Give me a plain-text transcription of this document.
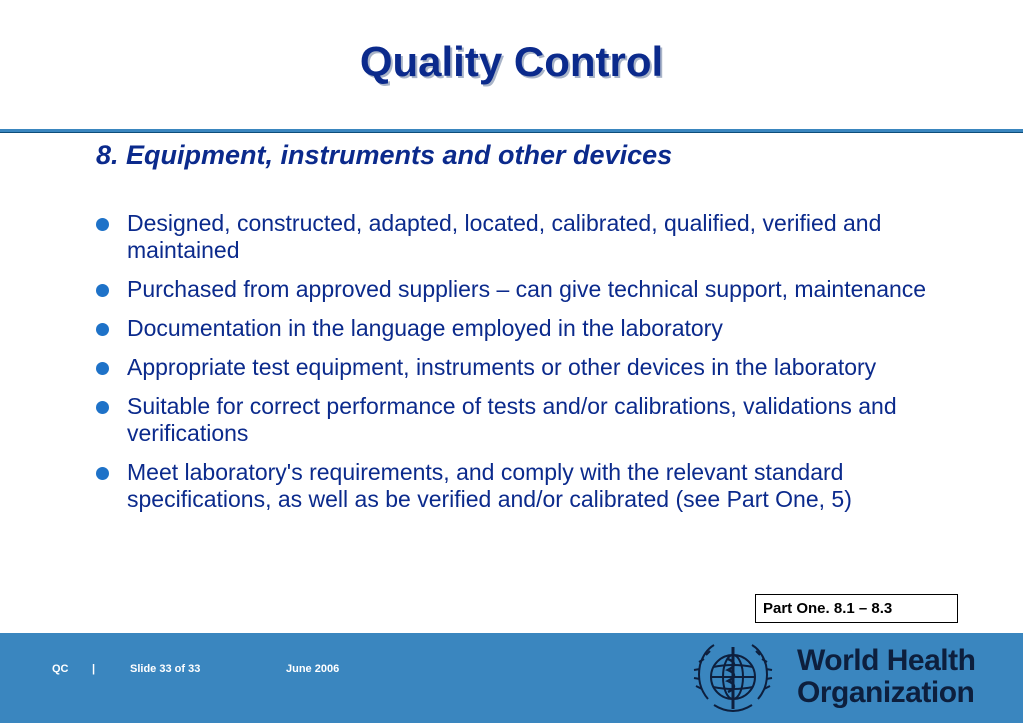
Quality Control
8. Equipment, instruments and other devices
Designed, constructed, adapted, located, calibrated, qualified, verified and maintained
Purchased from approved suppliers – can give technical support, maintenance
Documentation in the language employed in the laboratory
Appropriate test equipment, instruments or other devices in the laboratory
Suitable for correct performance of tests and/or calibrations, validations and verifications
Meet laboratory's requirements, and comply with the relevant standard specifications, as well as be verified and/or calibrated (see Part One, 5)
Part One. 8.1 – 8.3
QC |	Slide 33 of 33	June 2006	World Health
Organization
